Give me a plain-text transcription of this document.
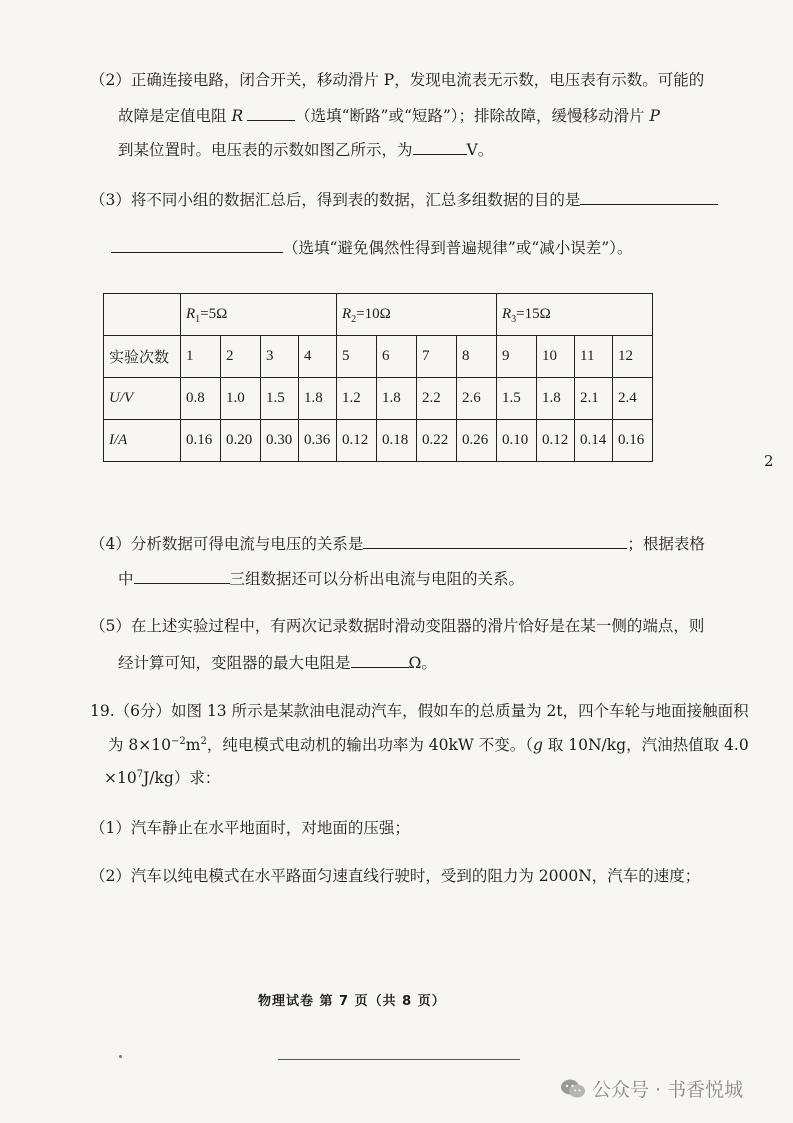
（2）正确连接电路，闭合开关，移动滑片 P，发现电流表无示数，电压表有示数。可能的
故障是定值电阻 R	（选填“断路”或“短路”）；排除故障，缓慢移动滑片 P
到某位置时。电压表的示数如图乙所示，为	V。
（3）将不同小组的数据汇总后，得到表的数据，汇总多组数据的目的是
（选填“避免偶然性得到普遍规律”或“减小误差”）。
	$R_1=5\Omega$				$R_2=10\Omega$				$R_3=15\Omega$			
实验次数	1	2	3	4	5	6	7	8	9	10	11	12
U/V	0.8	1.0	1.5	1.8	1.2	1.8	2.2	2.6	1.5	1.8	2.1	2.4
I/A	0.16	0.20	0.30	0.36	0.12	0.18	0.22	0.26	0.10	0.12	0.14	0.16
2
（4）分析数据可得电流与电压的关系是	；根据表格
中	三组数据还可以分析出电流与电阻的关系。
（5）在上述实验过程中，有两次记录数据时滑动变阻器的滑片恰好是在某一侧的端点，则
经计算可知，变阻器的最大电阻是	Ω。
19.（6分）如图 13 所示是某款油电混动汽车，假如车的总质量为 2t，四个车轮与地面接触面积
为 $8\times 10^{-2}m^2$，纯电模式电动机的输出功率为 40kW 不变。（g 取 10N/kg，汽油热值取 4.0
$\times 10^7J/kg$）求：
（1）汽车静止在水平地面时，对地面的压强；
（2）汽车以纯电模式在水平路面匀速直线行驶时，受到的阻力为 2000N，汽车的速度；
物理试卷 第 7 页（共 8 页）
公众号 · 书香悦城
